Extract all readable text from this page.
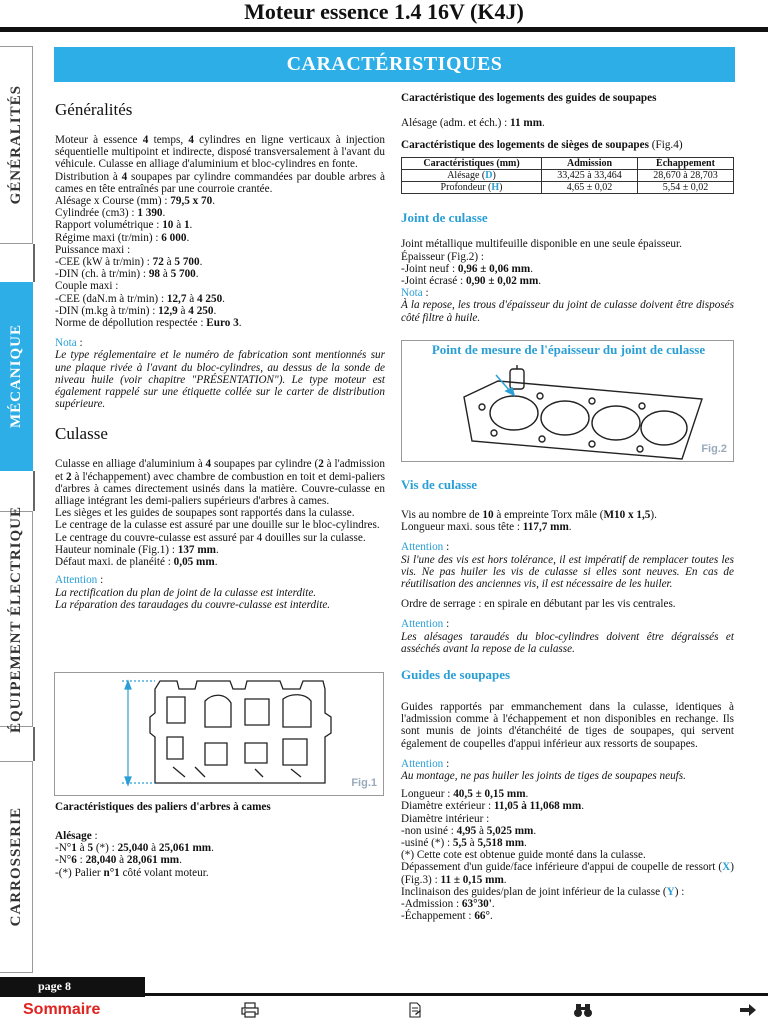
Moteur essence 1.4 16V (K4J)
GÉNÉRALITÉS
MÉCANIQUE
ÉQUIPEMENT ÉLECTRIQUE
CARROSSERIE
CARACTÉRISTIQUES
Généralités

Moteur à essence 4 temps, 4 cylindres en ligne verticaux à injection séquentielle multipoint et indirecte, disposé transversalement à l'avant du véhicule. Culasse en alliage d'aluminium et bloc-cylindres en fonte.

Distribution à 4 soupapes par cylindre commandées par double arbres à cames en tête entraînés par une courroie crantée.

Alésage x Course (mm) : 79,5 x 70.

Cylindrée (cm3) : 1 390.

Rapport volumétrique : 10 à 1.

Régime maxi (tr/min) : 6 000.

Puissance maxi :

-CEE (kW à tr/min) : 72 à 5 700.

-DIN (ch. à tr/min) : 98 à 5 700.

Couple maxi :

-CEE (daN.m à tr/min) : 12,7 à 4 250.

-DIN (m.kg à tr/min) : 12,9 à 4 250.

Norme de dépollution respectée : Euro 3.

Nota :

Le type réglementaire et le numéro de fabrication sont mentionnés sur une plaque rivée à l'avant du bloc-cylindres, au dessus de la sonde de niveau huile (voir chapitre "PRÉSENTATION"). Le type moteur est également rappelé sur une étiquette collée sur le carter de distribution supérieure.

Culasse

Culasse en alliage d'aluminium à 4 soupapes par cylindre (2 à l'admission et 2 à l'échappement) avec chambre de combustion en toit et demi-paliers d'arbres à cames directement usinés dans la matière. Couvre-culasse en alliage intégrant les demi-paliers supérieurs d'arbres à cames.

Les sièges et les guides de soupapes sont rapportés dans la culasse.

Le centrage de la culasse est assuré par une douille sur le bloc-cylindres.

Le centrage du couvre-culasse est assuré par 4 douilles sur la culasse.

Hauteur nominale (Fig.1) : 137 mm.

Défaut maxi. de planéité : 0,05 mm.

Attention :

La rectification du plan de joint de la culasse est interdite.

La réparation des taraudages du couvre-culasse est interdite.

Fig.1
Caractéristiques des paliers d'arbres à cames

Alésage :

-N°1 à 5 (*) : 25,040 à 25,061 mm.

-N°6 : 28,040 à 28,061 mm.

-(*) Palier n°1 côté volant moteur.

Caractéristique des logements des guides de soupapes

Alésage (adm. et éch.) : 11 mm.

Caractéristique des logements de sièges de soupapes (Fig.4)

Caractéristiques (mm)	Admission	Échappement
Alésage (D)	33,425 à 33,464	28,670 à 28,703
Profondeur (H)	4,65 ± 0,02	5,54 ± 0,02
Joint de culasse

Joint métallique multifeuille disponible en une seule épaisseur.

Épaisseur (Fig.2) :

-Joint neuf : 0,96 ± 0,06 mm.

-Joint écrasé : 0,90 ± 0,02 mm.

Nota :

À la repose, les trous d'épaisseur du joint de culasse doivent être disposés côté filtre à huile.

Point de mesure de l'épaisseur du joint de culasse
Fig.2
Vis de culasse

Vis au nombre de 10 à empreinte Torx mâle (M10 x 1,5).

Longueur maxi. sous tête : 117,7 mm.

Attention :

Si l'une des vis est hors tolérance, il est impératif de remplacer toutes les vis. Ne pas huiler les vis de culasse si elles sont neuves. En cas de réutilisation des anciennes vis, il est nécessaire de les huiler.

Ordre de serrage : en spirale en débutant par les vis centrales.

Attention :

Les alésages taraudés du bloc-cylindres doivent être dégraissés et asséchés avant la repose de la culasse.

Guides de soupapes

Guides rapportés par emmanchement dans la culasse, identiques à l'admission comme à l'échappement et non disponibles en rechange. Ils sont munis de joints d'étanchéité de tiges de soupapes, qui servent également de coupelles d'appui inférieur aux ressorts de soupapes.

Attention :

Au montage, ne pas huiler les joints de tiges de soupapes neufs.

Longueur : 40,5 ± 0,15 mm.

Diamètre extérieur : 11,05 à 11,068 mm.

Diamètre intérieur :

-non usiné : 4,95 à 5,025 mm.

-usiné (*) : 5,5 à 5,518 mm.

(*) Cette cote est obtenue guide monté dans la culasse.

Dépassement d'un guide/face inférieure d'appui de coupelle de ressort (X) (Fig.3) : 11 ± 0,15 mm.

Inclinaison des guides/plan de joint inférieur de la culasse (Y) :

-Admission : 63°30'.

-Échappement : 66°.

page 8
Sommaire
